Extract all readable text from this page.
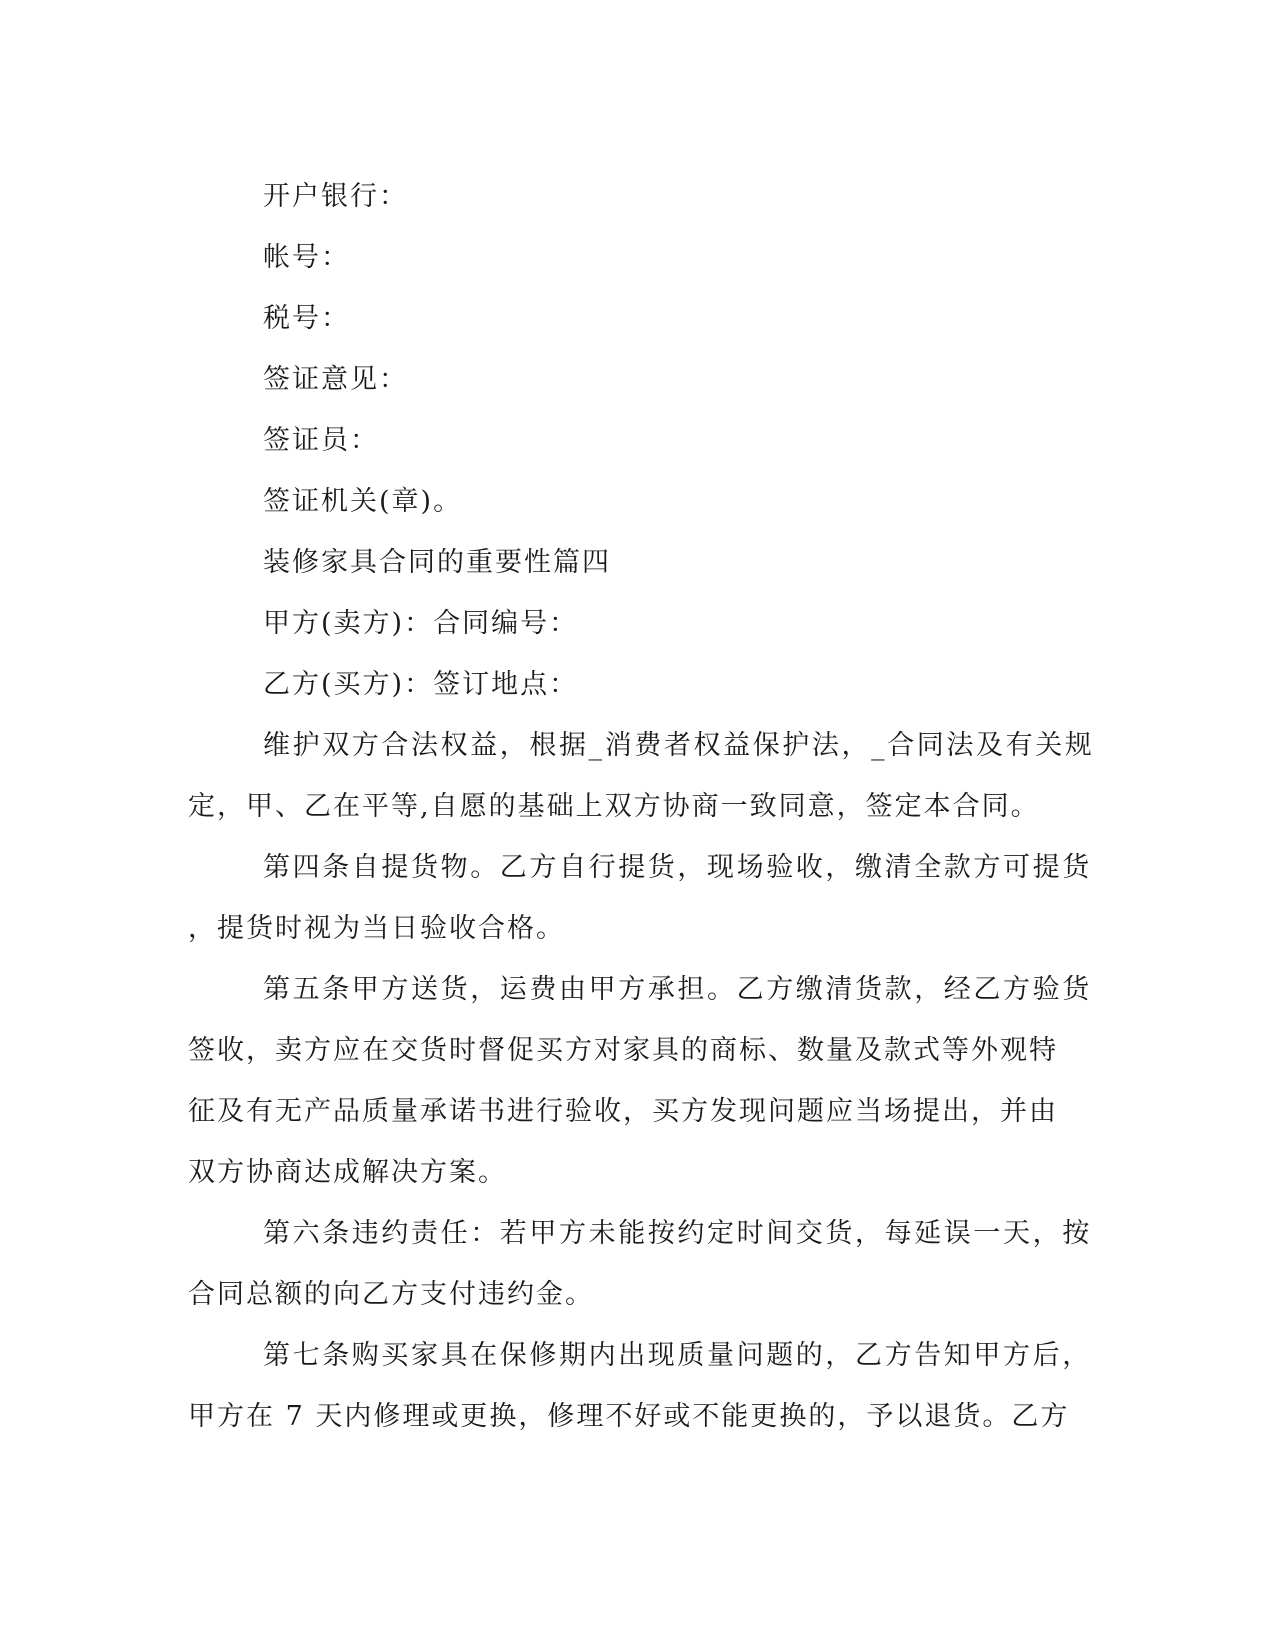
开户银行：

帐号：

税号：

签证意见：

签证员：

签证机关(章)。

装修家具合同的重要性篇四

甲方(卖方)：合同编号：

乙方(买方)：签订地点：

维护双方合法权益，根据_消费者权益保护法，_合同法及有关规

定，甲、乙在平等,自愿的基础上双方协商一致同意，签定本合同。

第四条自提货物。乙方自行提货，现场验收，缴清全款方可提货

，提货时视为当日验收合格。

第五条甲方送货，运费由甲方承担。乙方缴清货款，经乙方验货

签收，卖方应在交货时督促买方对家具的商标、数量及款式等外观特

征及有无产品质量承诺书进行验收，买方发现问题应当场提出，并由

双方协商达成解决方案。

第六条违约责任：若甲方未能按约定时间交货，每延误一天，按

合同总额的向乙方支付违约金。

第七条购买家具在保修期内出现质量问题的，乙方告知甲方后，

甲方在 7 天内修理或更换，修理不好或不能更换的，予以退货。乙方
